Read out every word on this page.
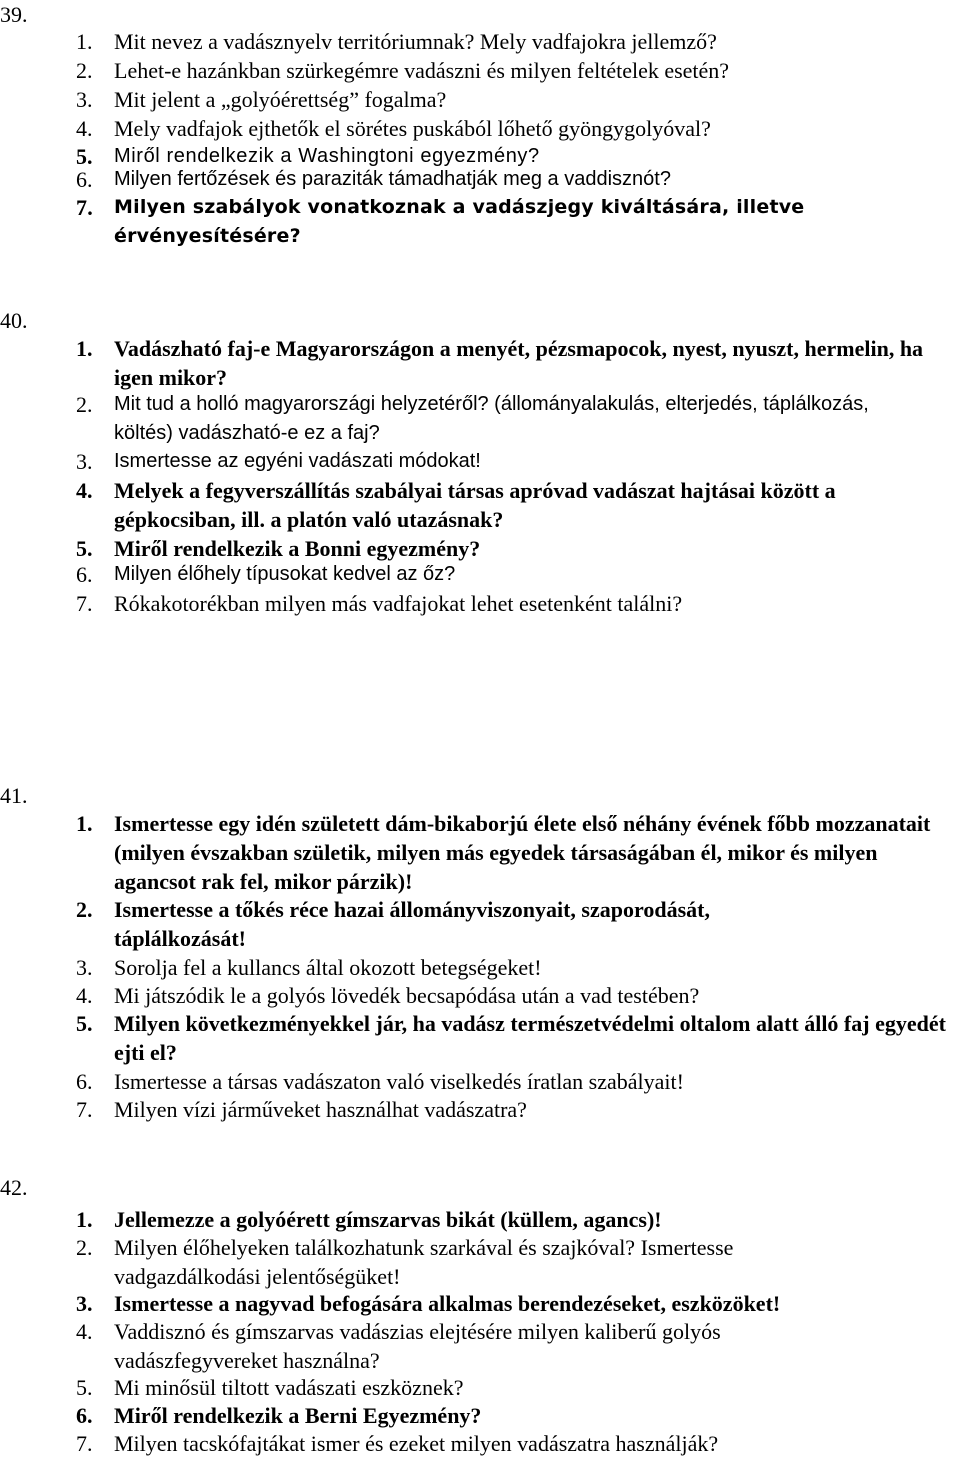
39.
1. Mit nevez a vadásznyelv territóriumnak? Mely vadfajokra jellemző?
2. Lehet-e hazánkban szürkegémre vadászni és milyen feltételek esetén?
3. Mit jelent a „golyóérettség” fogalma?
4. Mely vadfajok ejthetők el sörétes puskából lőhető gyöngygolyóval?
5. Miről rendelkezik a Washingtoni egyezmény?
6. Milyen fertőzések és paraziták támadhatják meg a vaddisznót?
7. Milyen szabályok vonatkoznak a vadászjegy kiváltására, illetve érvényesítésére?
40.
1. Vadászható faj-e Magyarországon a menyét, pézsmapocok, nyest, nyuszt, hermelin, ha igen mikor?
2. Mit tud a holló magyarországi helyzetéről? (állományalakulás, elterjedés, táplálkozás, költés) vadászható-e ez a faj?
3. Ismertesse az egyéni vadászati módokat!
4. Melyek a fegyverszállítás szabályai társas apróvad vadászat hajtásai között a gépkocsiban, ill. a platón való utazásnak?
5. Miről rendelkezik a Bonni egyezmény?
6. Milyen élőhely típusokat kedvel az őz?
7. Rókakotorékban milyen más vadfajokat lehet esetenként találni?
41.
1. Ismertesse egy idén született dám-bikaborjú élete első néhány évének főbb mozzanatait (milyen évszakban születik, milyen más egyedek társaságában él, mikor és milyen agancsot rak fel, mikor párzik)!
2. Ismertesse a tőkés réce hazai állományviszonyait, szaporodását, táplálkozását!
3. Sorolja fel a kullancs által okozott betegségeket!
4. Mi játszódik le a golyós lövedék becsapódása után a vad testében?
5. Milyen következményekkel jár, ha vadász természetvédelmi oltalom alatt álló faj egyedét ejti el?
6. Ismertesse a társas vadászaton való viselkedés íratlan szabályait!
7. Milyen vízi járműveket használhat vadászatra?
42.
1. Jellemezze a golyóérett gímszarvas bikát (küllem, agancs)!
2. Milyen élőhelyeken találkozhatunk szarkával és szajkóval? Ismertesse vadgazdálkodási jelentőségüket!
3. Ismertesse a nagyvad befogására alkalmas berendezéseket, eszközöket!
4. Vaddisznó és gímszarvas vadászias elejtésére milyen kaliberű golyós vadászfegyvereket használna?
5. Mi minősül tiltott vadászati eszköznek?
6. Miről rendelkezik a Berni Egyezmény?
7. Milyen tacskófajtákat ismer és ezeket milyen vadászatra használják?
